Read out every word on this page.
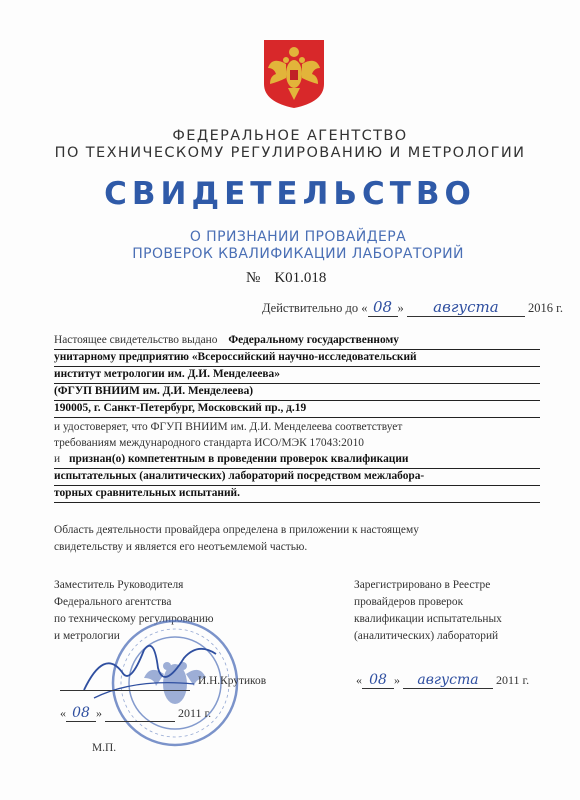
ФЕДЕРАЛЬНОЕ АГЕНТСТВО
ПО ТЕХНИЧЕСКОМУ РЕГУЛИРОВАНИЮ И МЕТРОЛОГИИ
СВИДЕТЕЛЬСТВО
О ПРИЗНАНИИ ПРОВАЙДЕРА
ПРОВЕРОК КВАЛИФИКАЦИИ ЛАБОРАТОРИЙ
№ K01.018
Действительно до « 08 » августа 2016 г.
Настоящее свидетельство выдано Федеральному государственному
унитарному предприятию «Всероссийский научно-исследовательский
институт метрологии им. Д.И. Менделеева»
(ФГУП ВНИИМ им. Д.И. Менделеева)
190005, г. Санкт-Петербург, Московский пр., д.19
и удостоверяет, что ФГУП ВНИИМ им. Д.И. Менделеева соответствует
требованиям международного стандарта ИСО/МЭК 17043:2010
и признан(о) компетентным в проведении проверок квалификации
испытательных (аналитических) лабораторий посредством межлабора-
торных сравнительных испытаний.
Область деятельности провайдера определена в приложении к настоящему
свидетельству и является его неотъемлемой частью.
Заместитель Руководителя
Федерального агентства
по техническому регулированию
и метрологии
И.Н.Крутиков
« 08 »	2011 г.
М.П.
Зарегистрировано в Реестре
провайдеров проверок
квалификации испытательных
(аналитических) лабораторий
« 08 » августа 2011 г.
